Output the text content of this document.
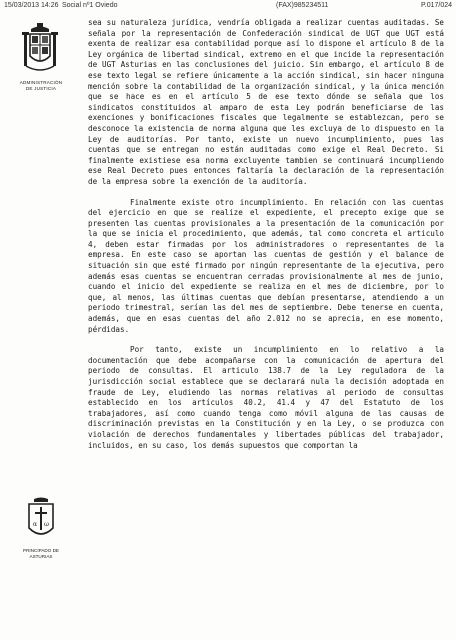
15/03/2013 14:26 Social nº1 Oviedo	(FAX)985234511	P.017/024
ADMINISTRACIÓN
DE JUSTICIA
α ω
PRINCIPADO DE
ASTURIAS

sea su naturaleza jurídica, vendría obligada a realizar cuentas auditadas. Se señala por la representación de Confederación sindical de UGT que UGT está exenta de realizar esa contabilidad porque así lo dispone el artículo 8 de la Ley orgánica de libertad sindical, extremo en el que incide la representación de UGT Asturias en las conclusiones del juicio. Sin embargo, el artículo 8 de ese texto legal se refiere únicamente a la acción sindical, sin hacer ninguna mención sobre la contabilidad de la organización sindical, y la única mención que se hace es en el artículo 5 de ese texto dónde se señala que los sindicatos constituidos al amparo de esta Ley podrán beneficiarse de las exenciones y bonificaciones fiscales que legalmente se establezcan, pero se desconoce la existencia de norma alguna que les excluya de lo dispuesto en la Ley de auditorías. Por tanto, existe un nuevo incumplimiento, pues las cuentas que se entregan no están auditadas como exige el Real Decreto. Si finalmente existiese esa norma excluyente tambien se continuará incumpliendo ese Real Decreto pues entonces faltaría la declaración de la representación de la empresa sobre la exención de la auditoría.

Finalmente existe otro incumplimiento. En relación con las cuentas del ejercicio en que se realize el expediente, el precepto exige que se presenten las cuentas provisionales a la presentación de la comunicación por la que se inicia el procedimiento, que además, tal como concreta el articulo 4, deben estar firmadas por los administradores o representantes de la empresa. En este caso se aportan las cuentas de gestión y el balance de situación sin que esté firmado por ningún representante de la ejecutiva, pero además esas cuentas se encuentran cerradas provisionalmente al mes de junio, cuando el inicio del expediente se realiza en el mes de diciembre, por lo que, al menos, las últimas cuentas que debían presentarse, atendiendo a un periodo trimestral, serían las del mes de septiembre. Debe tenerse en cuenta, además, que en esas cuentas del año 2.012 no se aprecia, en ese momento, pérdidas.

Por tanto, existe un incumplimiento en lo relativo a la documentación que debe acompañarse con la comunicación de apertura del periodo de consultas. El articulo 138.7 de la Ley reguladora de la jurisdicción social establece que se declarará nula la decisión adoptada en fraude de Ley, eludiendo las normas relativas al periodo de consultas establecido en los artículos 40.2, 41.4 y 47 del Estatuto de los trabajadores, así como cuando tenga como móvil alguna de las causas de discriminación previstas en la Constitución y en la Ley, o se produzca con violación de derechos fundamentales y libertades públicas del trabajador, incluidos, en su caso, los demás supuestos que comportan la
